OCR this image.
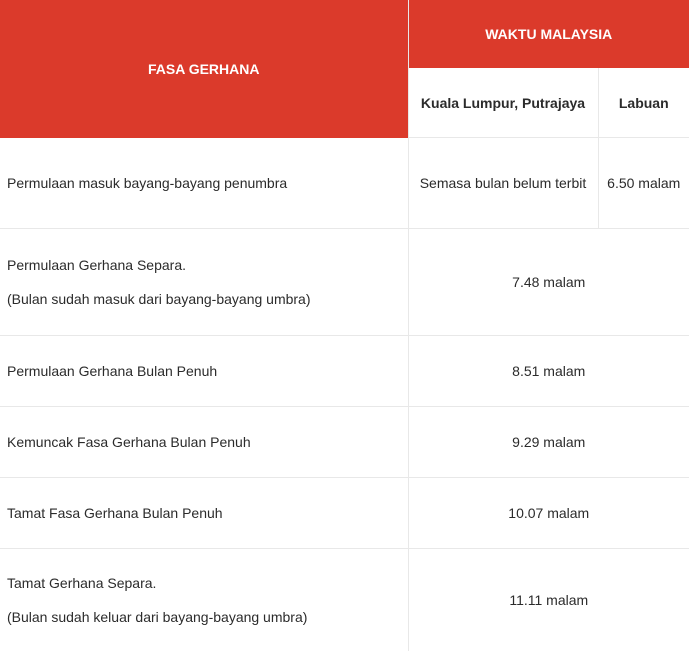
FASA GERHANA	WAKTU MALAYSIA	
	Kuala Lumpur, Putrajaya	Labuan

Permulaan masuk bayang-bayang penumbra	Semasa bulan belum terbit	6.50 malam

Permulaan Gerhana Separa.
(Bulan sudah masuk dari bayang-bayang umbra)	7.48 malam	

Permulaan Gerhana Bulan Penuh	8.51 malam	

Kemuncak Fasa Gerhana Bulan Penuh	9.29 malam	

Tamat Fasa Gerhana Bulan Penuh	10.07 malam	

Tamat Gerhana Separa.
(Bulan sudah keluar dari bayang-bayang umbra)	11.11 malam	
